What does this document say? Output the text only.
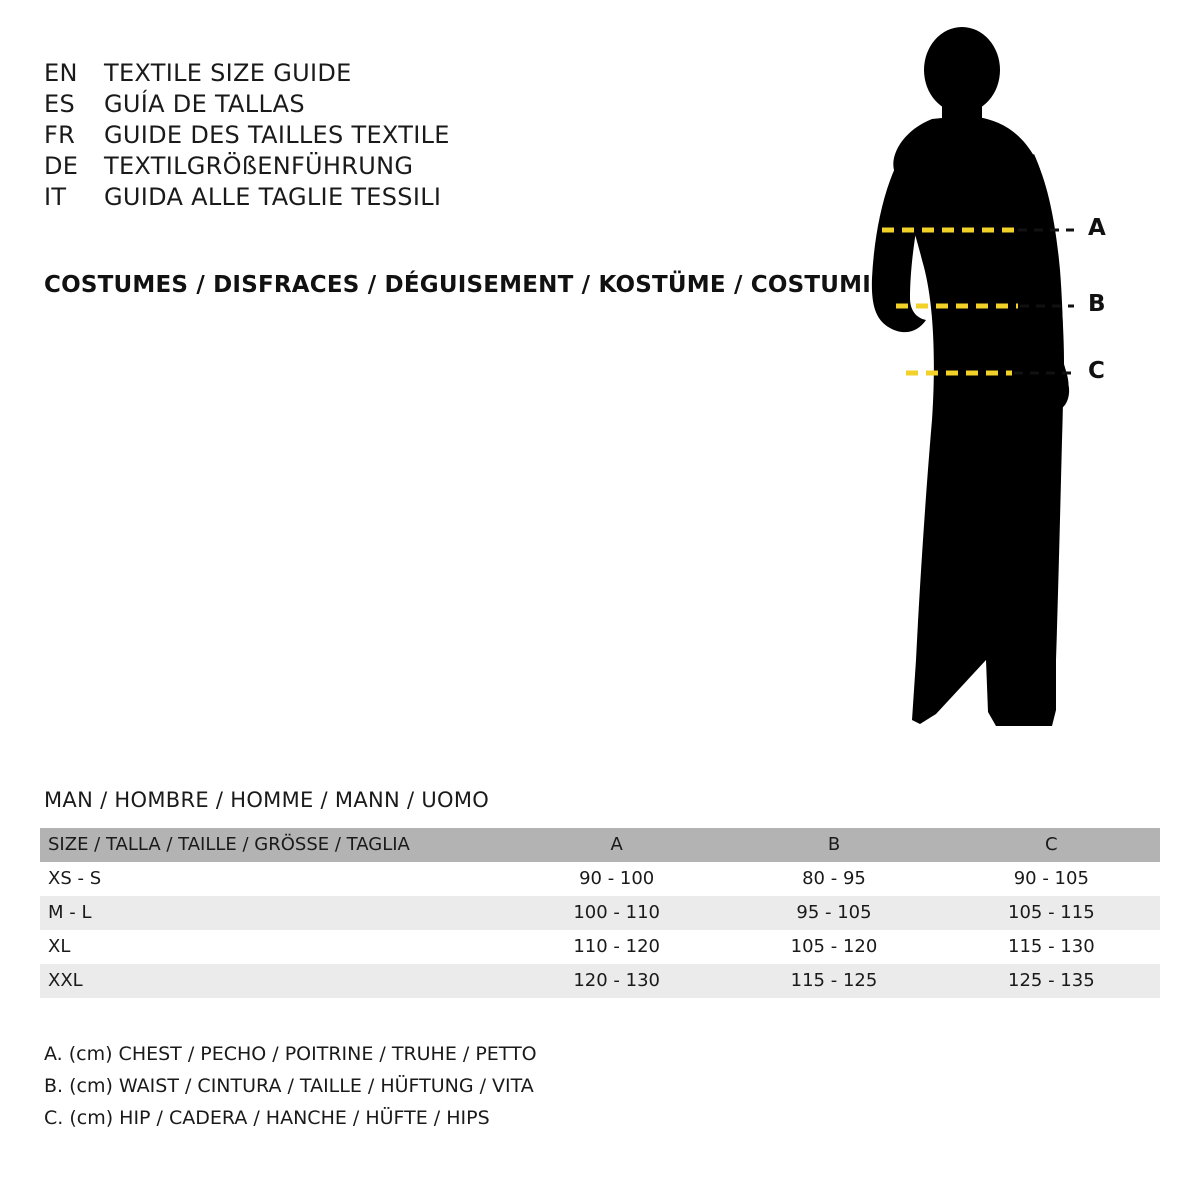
EN	TEXTILE SIZE GUIDE
ES	GUÍA DE TALLAS
FR	GUIDE DES TAILLES TEXTILE
DE	TEXTILGRÖßENFÜHRUNG
IT	GUIDA ALLE TAGLIE TESSILI
COSTUMES / DISFRACES / DÉGUISEMENT / KOSTÜME / COSTUMI
A
B
C
MAN / HOMBRE / HOMME / MANN / UOMO
SIZE / TALLA / TAILLE / GRÖSSE / TAGLIA	A	B	C
XS - S	90 - 100	80 - 95	90 - 105
M - L	100 - 110	95 - 105	105 - 115
XL	110 - 120	105 - 120	115 - 130
XXL	120 - 130	115 - 125	125 - 135
A. (cm) CHEST / PECHO / POITRINE / TRUHE / PETTO
B. (cm) WAIST / CINTURA / TAILLE / HÜFTUNG / VITA
C. (cm) HIP / CADERA / HANCHE / HÜFTE / HIPS
